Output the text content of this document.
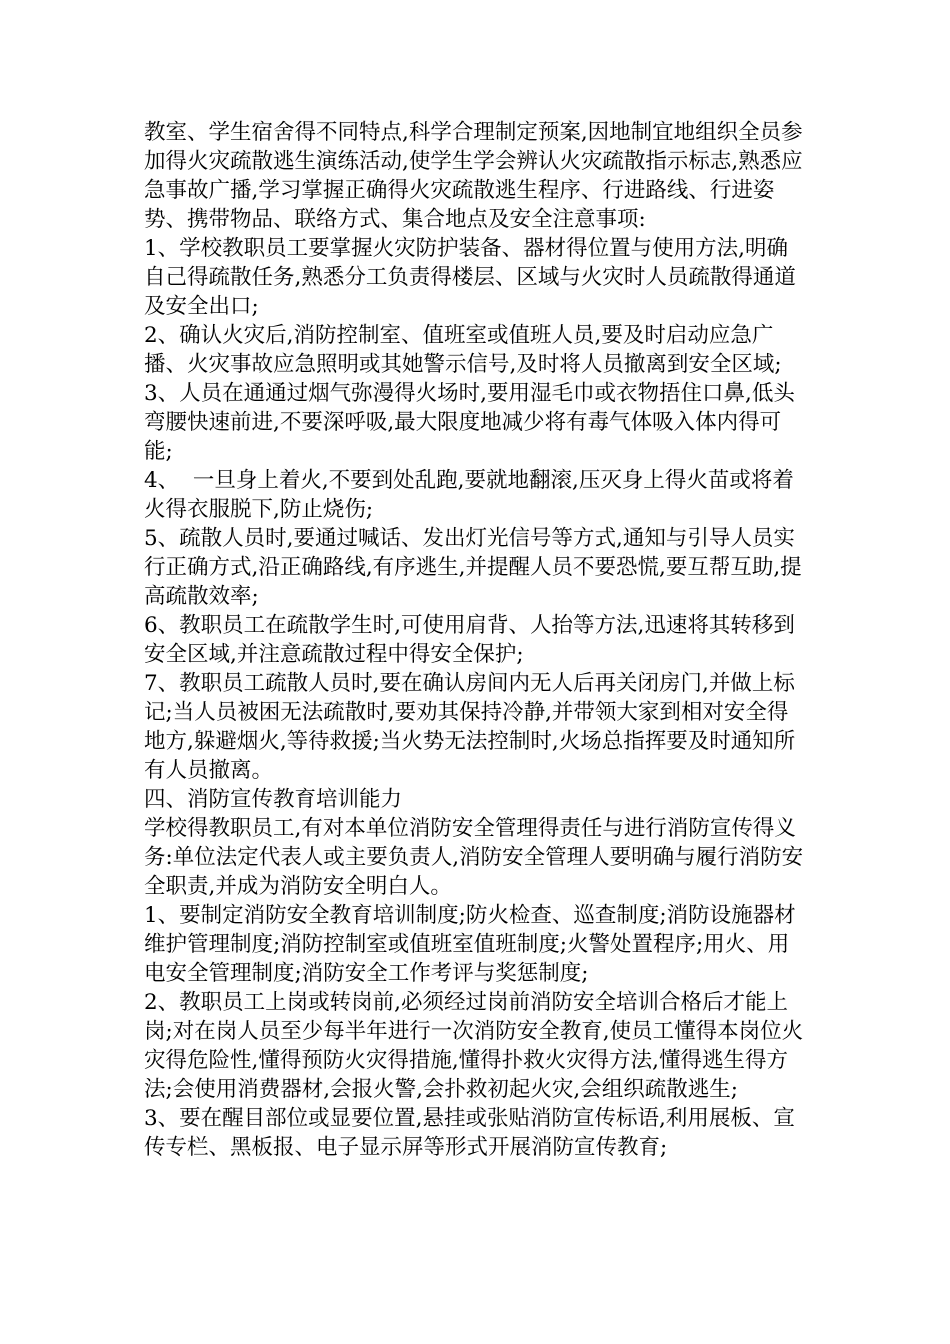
教室、学生宿舍得不同特点,科学合理制定预案,因地制宜地组织全员参加得火灾疏散逃生演练活动,使学生学会辨认火灾疏散指示标志,熟悉应急事故广播,学习掌握正确得火灾疏散逃生程序、行进路线、行进姿势、携带物品、联络方式、集合地点及安全注意事项:

1、学校教职员工要掌握火灾防护装备、器材得位置与使用方法,明确自己得疏散任务,熟悉分工负责得楼层、区域与火灾时人员疏散得通道及安全出口;

2、确认火灾后,消防控制室、值班室或值班人员,要及时启动应急广播、火灾事故应急照明或其她警示信号,及时将人员撤离到安全区域;

3、人员在通通过烟气弥漫得火场时,要用湿毛巾或衣物捂住口鼻,低头弯腰快速前进,不要深呼吸,最大限度地减少将有毒气体吸入体内得可能;

4、  一旦身上着火,不要到处乱跑,要就地翻滚,压灭身上得火苗或将着火得衣服脱下,防止烧伤;

5、疏散人员时,要通过喊话、发出灯光信号等方式,通知与引导人员实行正确方式,沿正确路线,有序逃生,并提醒人员不要恐慌,要互帮互助,提高疏散效率;

6、教职员工在疏散学生时,可使用肩背、人抬等方法,迅速将其转移到安全区域,并注意疏散过程中得安全保护;

7、教职员工疏散人员时,要在确认房间内无人后再关闭房门,并做上标记;当人员被困无法疏散时,要劝其保持冷静,并带领大家到相对安全得地方,躲避烟火,等待救援;当火势无法控制时,火场总指挥要及时通知所有人员撤离。

四、消防宣传教育培训能力

学校得教职员工,有对本单位消防安全管理得责任与进行消防宣传得义务:单位法定代表人或主要负责人,消防安全管理人要明确与履行消防安全职责,并成为消防安全明白人。

1、要制定消防安全教育培训制度;防火检查、巡查制度;消防设施器材维护管理制度;消防控制室或值班室值班制度;火警处置程序;用火、用电安全管理制度;消防安全工作考评与奖惩制度;

2、教职员工上岗或转岗前,必须经过岗前消防安全培训合格后才能上岗;对在岗人员至少每半年进行一次消防安全教育,使员工懂得本岗位火灾得危险性,懂得预防火灾得措施,懂得扑救火灾得方法,懂得逃生得方法;会使用消费器材,会报火警,会扑救初起火灾,会组织疏散逃生;

3、要在醒目部位或显要位置,悬挂或张贴消防宣传标语,利用展板、宣传专栏、黑板报、电子显示屏等形式开展消防宣传教育;
